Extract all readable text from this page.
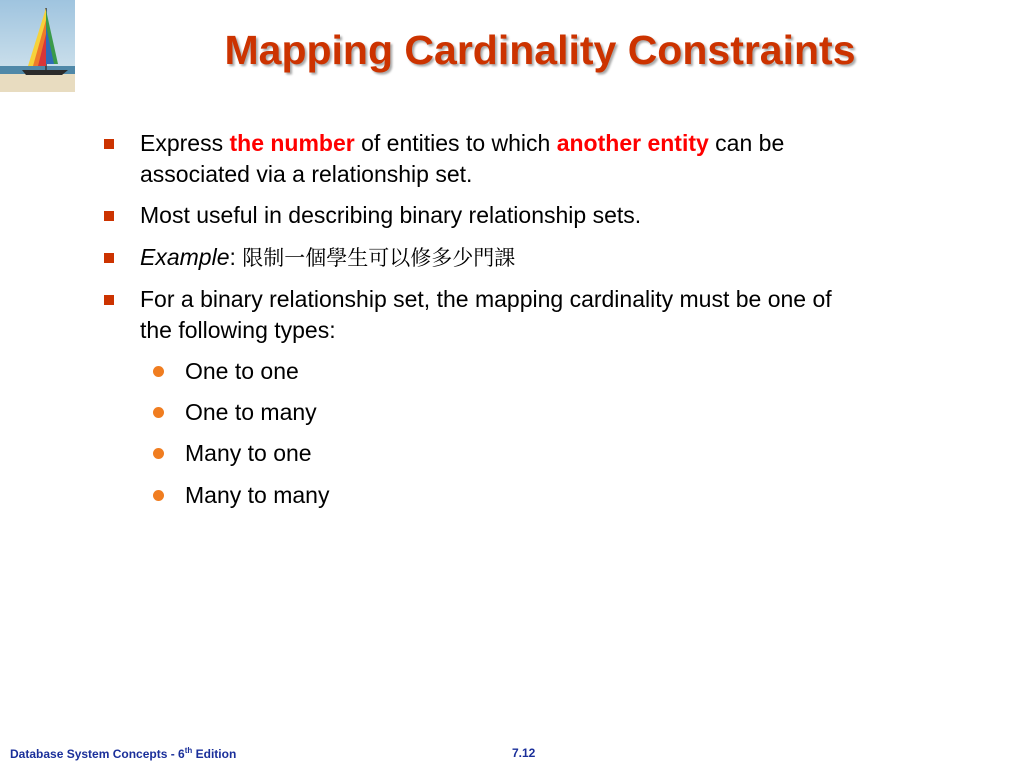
Mapping Cardinality Constraints
Express the number of entities to which another entity can be
associated via a relationship set.
Most useful in describing binary relationship sets.
Example: 限制一個學生可以修多少門課
For a binary relationship set, the mapping cardinality must be one of
the following types:
One to one
One to many
Many to one
Many to many
Database System Concepts - 6th Edition	7.12
